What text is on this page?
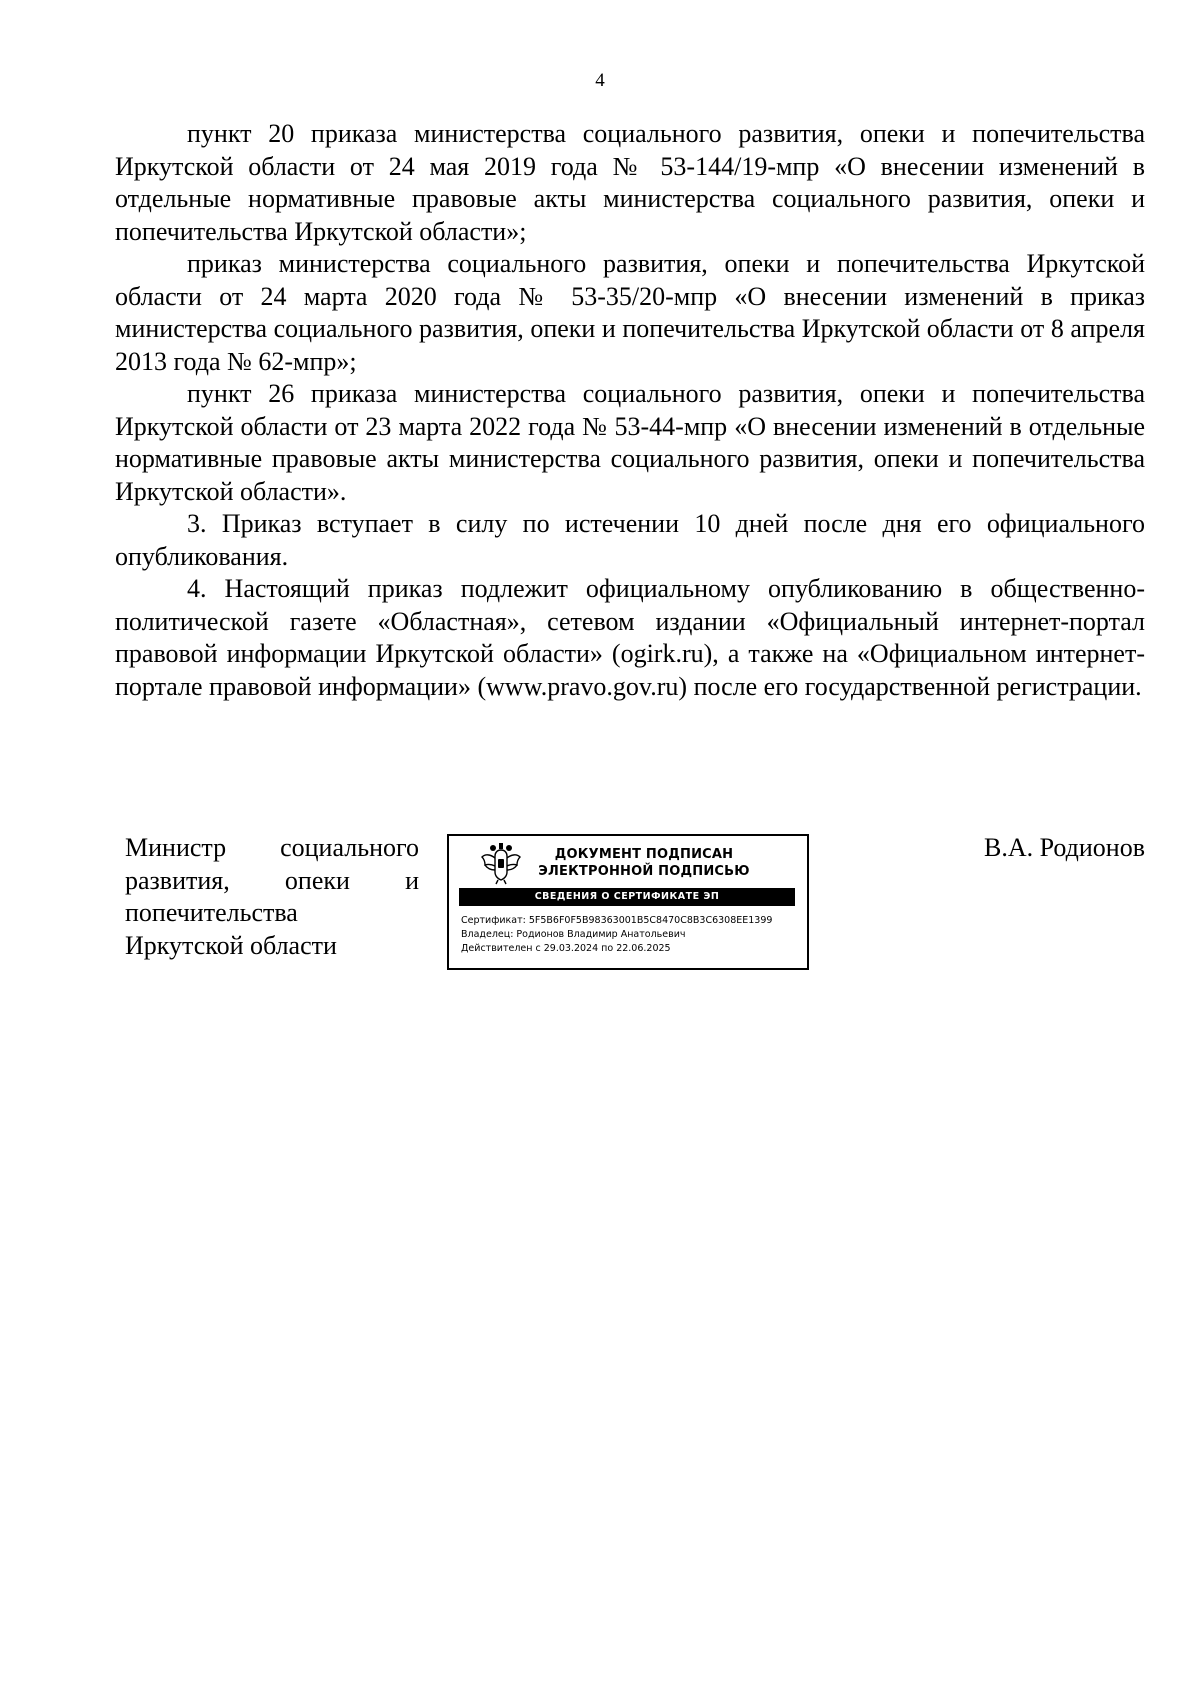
4

пункт 20 приказа министерства социального развития, опеки и попечительства Иркутской области от 24 мая 2019 года № 53-144/19-мпр «О внесении изменений в отдельные нормативные правовые акты министерства социального развития, опеки и попечительства Иркутской области»;

приказ министерства социального развития, опеки и попечительства Иркутской области от 24 марта 2020 года № 53-35/20-мпр «О внесении изменений в приказ министерства социального развития, опеки и попечительства Иркутской области от 8 апреля 2013 года № 62-мпр»;

пункт 26 приказа министерства социального развития, опеки и попечительства Иркутской области от 23 марта 2022 года № 53-44-мпр «О внесении изменений в отдельные нормативные правовые акты министерства социального развития, опеки и попечительства Иркутской области».

3. Приказ вступает в силу по истечении 10 дней после дня его официального опубликования.

4. Настоящий приказ подлежит официальному опубликованию в общественно-политической газете «Областная», сетевом издании «Официальный интернет-портал правовой информации Иркутской области» (ogirk.ru), а также на «Официальном интернет-портале правовой информации» (www.pravo.gov.ru) после его государственной регистрации.

Министр социального
развития, опеки и
попечительства
Иркутской области
ДОКУМЕНТ ПОДПИСАН
ЭЛЕКТРОННОЙ ПОДПИСЬЮ
СВЕДЕНИЯ О СЕРТИФИКАТЕ ЭП
Сертификат: 5F5B6F0F5B98363001B5C8470C8B3C6308EE1399
Владелец: Родионов Владимир Анатольевич
Действителен с 29.03.2024 по 22.06.2025
В.А. Родионов
